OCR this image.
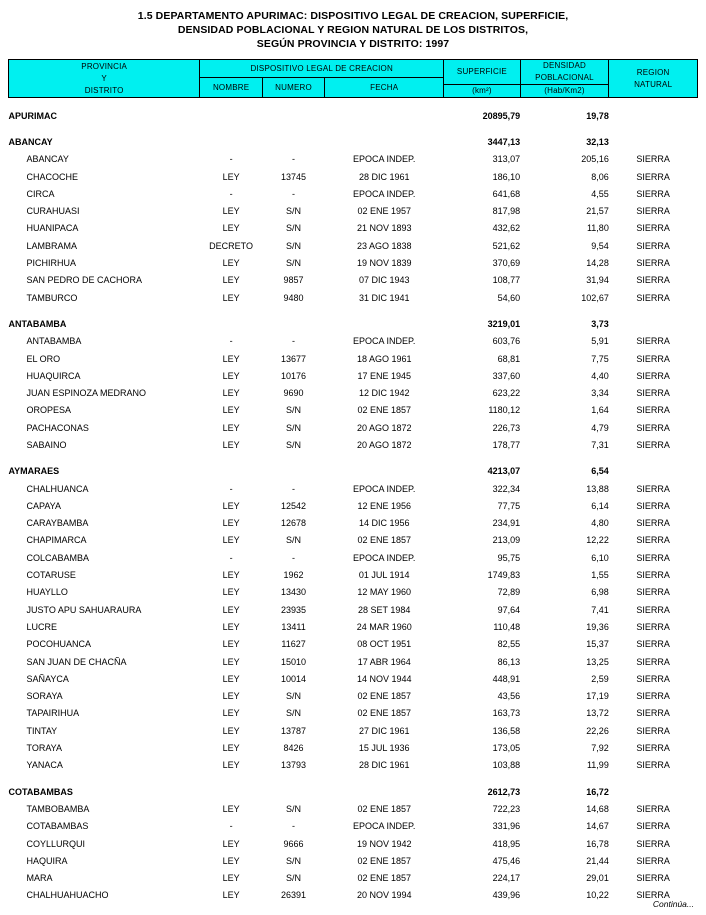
1.5 DEPARTAMENTO APURIMAC: DISPOSITIVO LEGAL DE CREACION, SUPERFICIE,
DENSIDAD POBLACIONAL Y REGION NATURAL DE LOS DISTRITOS,
SEGÚN PROVINCIA Y DISTRITO: 1997
PROVINCIA
Y
DISTRITO
	DISPOSITIVO LEGAL DE CREACION	SUPERFICIE	
DENSIDAD
POBLACIONAL

REGION
NATURAL

	NOMBRE	NUMERO	FECHA			
				(km²)	(Hab/Km2)	

APURIMAC				20895,79	19,78	

ABANCAY				3447,13	32,13	
ABANCAY	-	-	EPOCA INDEP.	313,07	205,16	SIERRA
CHACOCHE	LEY	13745	28 DIC 1961	186,10	8,06	SIERRA
CIRCA	-	-	EPOCA INDEP.	641,68	4,55	SIERRA
CURAHUASI	LEY	S/N	02 ENE 1957	817,98	21,57	SIERRA
HUANIPACA	LEY	S/N	21 NOV 1893	432,62	11,80	SIERRA
LAMBRAMA	DECRETO	S/N	23 AGO 1838	521,62	9,54	SIERRA
PICHIRHUA	LEY	S/N	19 NOV 1839	370,69	14,28	SIERRA
SAN PEDRO DE CACHORA	LEY	9857	07 DIC 1943	108,77	31,94	SIERRA
TAMBURCO	LEY	9480	31 DIC 1941	54,60	102,67	SIERRA

ANTABAMBA				3219,01	3,73	
ANTABAMBA	-	-	EPOCA INDEP.	603,76	5,91	SIERRA
EL ORO	LEY	13677	18 AGO 1961	68,81	7,75	SIERRA
HUAQUIRCA	LEY	10176	17 ENE 1945	337,60	4,40	SIERRA
JUAN ESPINOZA MEDRANO	LEY	9690	12 DIC 1942	623,22	3,34	SIERRA
OROPESA	LEY	S/N	02 ENE 1857	1180,12	1,64	SIERRA
PACHACONAS	LEY	S/N	20 AGO 1872	226,73	4,79	SIERRA
SABAINO	LEY	S/N	20 AGO 1872	178,77	7,31	SIERRA

AYMARAES				4213,07	6,54	
CHALHUANCA	-	-	EPOCA INDEP.	322,34	13,88	SIERRA
CAPAYA	LEY	12542	12 ENE 1956	77,75	6,14	SIERRA
CARAYBAMBA	LEY	12678	14 DIC 1956	234,91	4,80	SIERRA
CHAPIMARCA	LEY	S/N	02 ENE 1857	213,09	12,22	SIERRA
COLCABAMBA	-	-	EPOCA INDEP.	95,75	6,10	SIERRA
COTARUSE	LEY	1962	01 JUL 1914	1749,83	1,55	SIERRA
HUAYLLO	LEY	13430	12 MAY 1960	72,89	6,98	SIERRA
JUSTO APU SAHUARAURA	LEY	23935	28 SET 1984	97,64	7,41	SIERRA
LUCRE	LEY	13411	24 MAR 1960	110,48	19,36	SIERRA
POCOHUANCA	LEY	11627	08 OCT 1951	82,55	15,37	SIERRA
SAN JUAN DE CHACÑA	LEY	15010	17 ABR 1964	86,13	13,25	SIERRA
SAÑAYCA	LEY	10014	14 NOV 1944	448,91	2,59	SIERRA
SORAYA	LEY	S/N	02 ENE 1857	43,56	17,19	SIERRA
TAPAIRIHUA	LEY	S/N	02 ENE 1857	163,73	13,72	SIERRA
TINTAY	LEY	13787	27 DIC 1961	136,58	22,26	SIERRA
TORAYA	LEY	8426	15 JUL 1936	173,05	7,92	SIERRA
YANACA	LEY	13793	28 DIC 1961	103,88	11,99	SIERRA

COTABAMBAS				2612,73	16,72	
TAMBOBAMBA	LEY	S/N	02 ENE 1857	722,23	14,68	SIERRA
COTABAMBAS	-	-	EPOCA INDEP.	331,96	14,67	SIERRA
COYLLURQUI	LEY	9666	19 NOV 1942	418,95	16,78	SIERRA
HAQUIRA	LEY	S/N	02 ENE 1857	475,46	21,44	SIERRA
MARA	LEY	S/N	02 ENE 1857	224,17	29,01	SIERRA
CHALHUAHUACHO	LEY	26391	20 NOV 1994	439,96	10,22	SIERRA
Continúa...
